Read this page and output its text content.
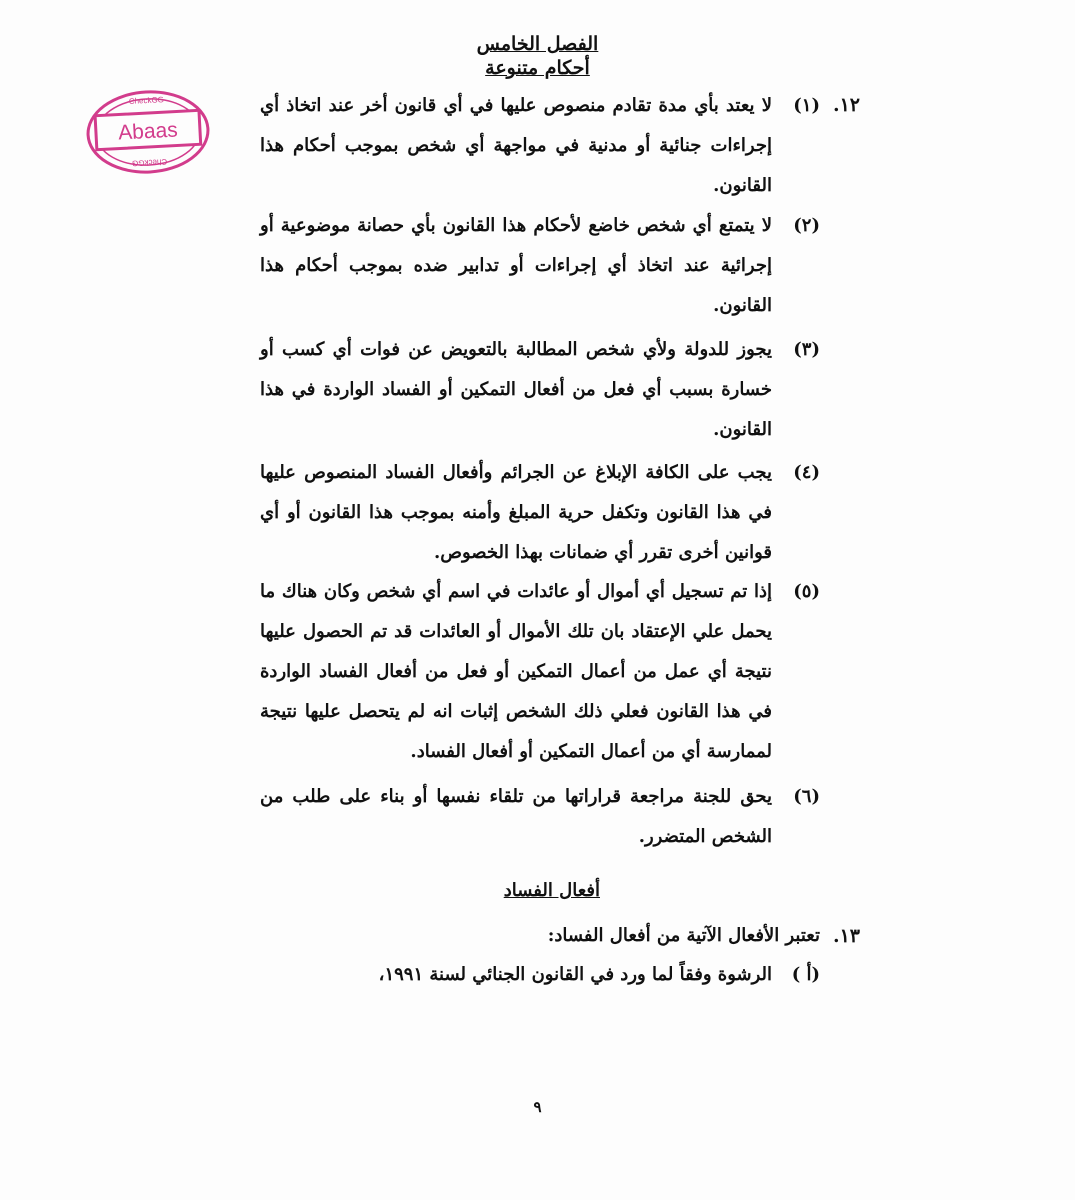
الفصل الخامس
أحكام متنوعة
Abaas
CheckGG
CheckGG
١٢.
(١)
لا يعتد بأي مدة تقادم منصوص عليها في أي قانون أخر عند اتخاذ أي إجراءات جنائية أو مدنية في مواجهة أي شخص بموجب أحكام هذا القانون.
(٢)
لا يتمتع أي شخص خاضع لأحكام هذا القانون بأي حصانة موضوعية أو إجرائية عند اتخاذ أي إجراءات أو تدابير ضده بموجب أحكام هذا القانون.
(٣)
يجوز للدولة ولأي شخص المطالبة بالتعويض عن فوات أي كسب أو خسارة بسبب أي فعل من أفعال التمكين أو الفساد الواردة في هذا القانون.
(٤)
يجب على الكافة الإبلاغ عن الجرائم وأفعال الفساد المنصوص عليها في هذا القانون وتكفل حرية المبلغ وأمنه بموجب هذا القانون أو أي قوانين أخرى تقرر أي ضمانات بهذا الخصوص.
(٥)
إذا تم تسجيل أي أموال أو عائدات في اسم أي شخص وكان هناك ما يحمل علي الإعتقاد بان تلك الأموال أو العائدات قد تم الحصول عليها نتيجة أي عمل من أعمال التمكين أو فعل من أفعال الفساد الواردة في هذا القانون فعلي ذلك الشخص إثبات انه لم يتحصل عليها نتيجة لممارسة أي من أعمال التمكين أو أفعال الفساد.
(٦)
يحق للجنة مراجعة قراراتها من تلقاء نفسها أو بناء على طلب من الشخص المتضرر.
أفعال الفساد
١٣.
تعتبر الأفعال الآتية من أفعال الفساد:
(أ )
الرشوة وفقاً لما ورد في القانون الجنائي لسنة ١٩٩١،
٩
